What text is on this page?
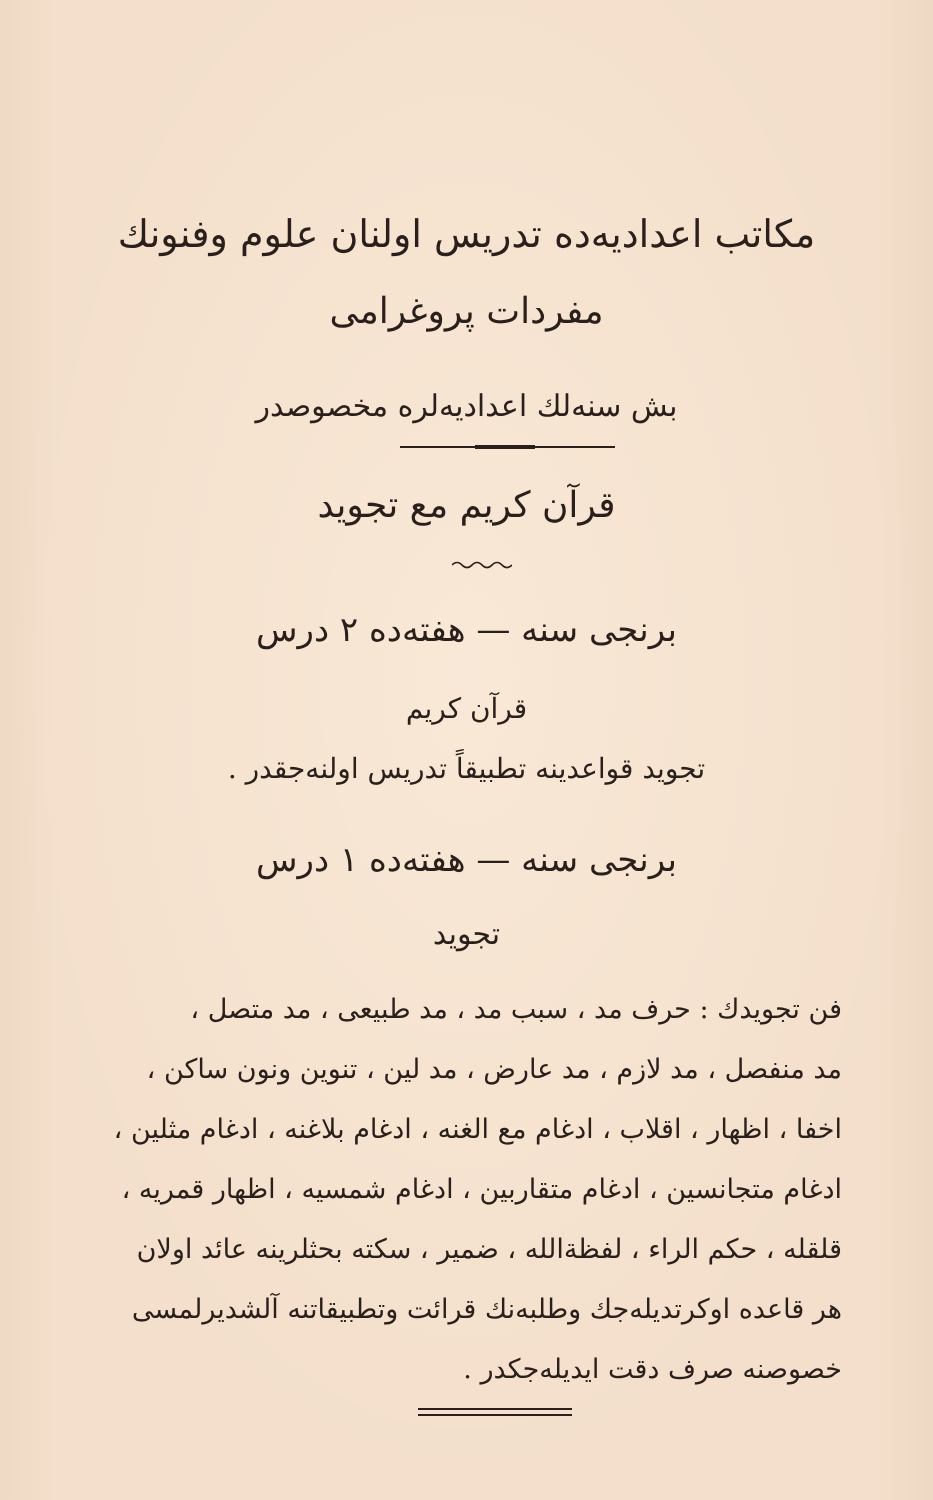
مكاتب اعداديه‌ده تدريس اولنان علوم وفنونك
مفردات پروغرامی
بش سنه‌لك اعداديه‌لره مخصوصدر
قرآن كريم مع تجويد
برنجی سنه — هفته‌ده ٢ درس
قرآن كريم
تجويد قواعدينه تطبيقاً تدريس اولنه‌جقدر .
برنجی سنه — هفته‌ده ١ درس
تجويد
فن تجويدك : حرف مد ، سبب مد ، مد طبيعی ، مد متصل ،
مد منفصل ، مد لازم ، مد عارض ، مد لين ، تنوين ونون ساكن ،
اخفا ، اظهار ، اقلاب ، ادغام مع الغنه ، ادغام بلاغنه ، ادغام مثلين ،
ادغام متجانسين ، ادغام متقاربين ، ادغام شمسيه ، اظهار قمريه ،
قلقله ، حكم الراء ، لفظة‌الله ، ضمير ، سكته بحثلرينه عائد اولان
هر قاعده اوكرتديله‌جك وطلبه‌نك قرائت وتطبيقاتنه آلشديرلمسی
خصوصنه صرف دقت ايديله‌جكدر .
